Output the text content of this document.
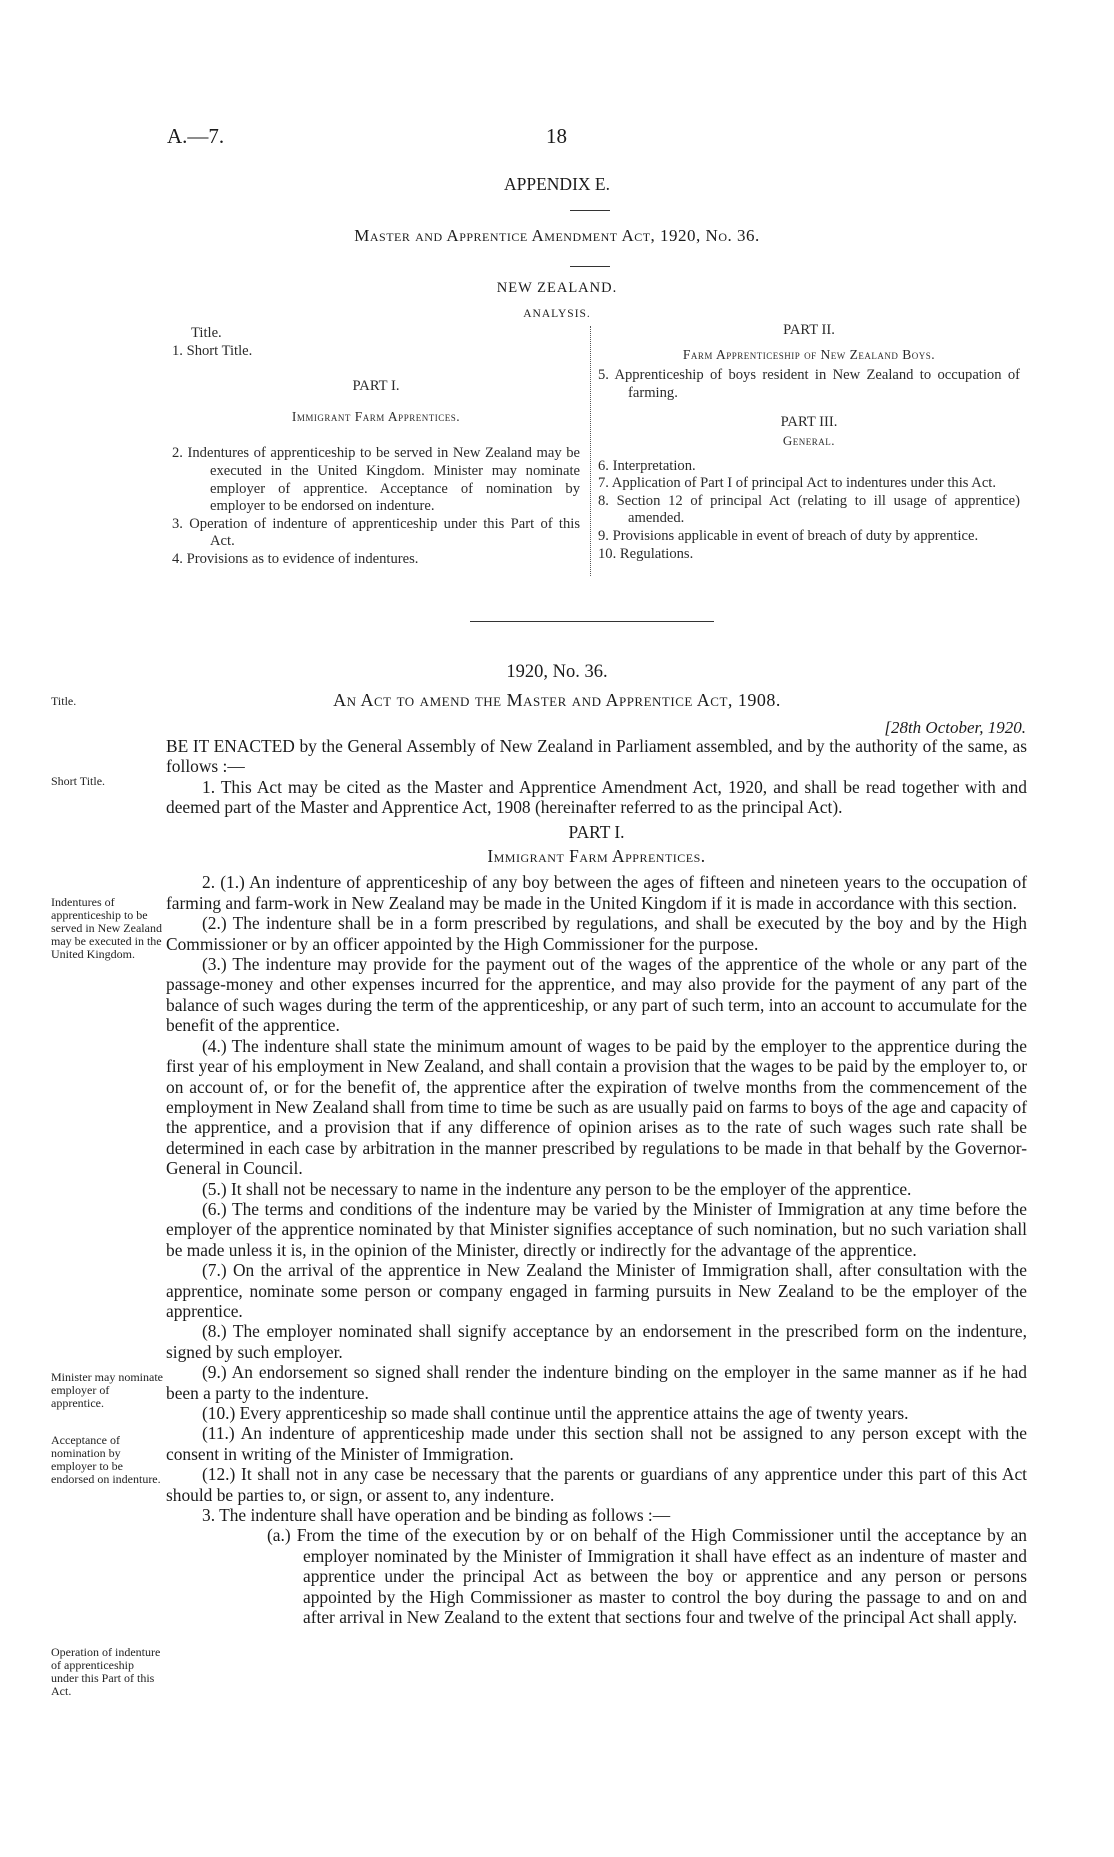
A.—7.	18
APPENDIX E.
Master and Apprentice Amendment Act, 1920, No. 36.
NEW ZEALAND.
ANALYSIS.

Title.

1. Short Title.

PART I.

Immigrant Farm Apprentices.

2. Indentures of apprenticeship to be served in New Zealand may be executed in the United Kingdom. Minister may nominate employer of apprentice. Acceptance of nomination by employer to be endorsed on indenture.

3. Operation of indenture of apprenticeship under this Part of this Act.

4. Provisions as to evidence of indentures.

PART II.

Farm Apprenticeship of New Zealand Boys.

5. Apprenticeship of boys resident in New Zealand to occupation of farming.

PART III.

General.

6. Interpretation.

7. Application of Part I of principal Act to indentures under this Act.

8. Section 12 of principal Act (relating to ill usage of apprentice) amended.

9. Provisions applicable in event of breach of duty by apprentice.

10. Regulations.

Title.
Short Title.
Indentures of apprenticeship to be served in New Zealand may be executed in the United Kingdom.
Minister may nominate employer of apprentice.
Acceptance of nomination by employer to be endorsed on indenture.
Operation of indenture of apprenticeship under this Part of this Act.
1920, No. 36.
An Act to amend the Master and Apprentice Act, 1908.
[28th October, 1920.

BE IT ENACTED by the General Assembly of New Zealand in Parliament assembled, and by the authority of the same, as follows :—

1. This Act may be cited as the Master and Apprentice Amendment Act, 1920, and shall be read together with and deemed part of the Master and Apprentice Act, 1908 (hereinafter referred to as the principal Act).

PART I.

Immigrant Farm Apprentices.

2. (1.) An indenture of apprenticeship of any boy between the ages of fifteen and nineteen years to the occupation of farming and farm-work in New Zealand may be made in the United Kingdom if it is made in accordance with this section.

(2.) The indenture shall be in a form prescribed by regulations, and shall be executed by the boy and by the High Commissioner or by an officer appointed by the High Commissioner for the purpose.

(3.) The indenture may provide for the payment out of the wages of the apprentice of the whole or any part of the passage-money and other expenses incurred for the apprentice, and may also provide for the payment of any part of the balance of such wages during the term of the apprenticeship, or any part of such term, into an account to accumulate for the benefit of the apprentice.

(4.) The indenture shall state the minimum amount of wages to be paid by the employer to the apprentice during the first year of his employment in New Zealand, and shall contain a provision that the wages to be paid by the employer to, or on account of, or for the benefit of, the apprentice after the expiration of twelve months from the commencement of the employment in New Zealand shall from time to time be such as are usually paid on farms to boys of the age and capacity of the apprentice, and a provision that if any difference of opinion arises as to the rate of such wages such rate shall be determined in each case by arbitration in the manner prescribed by regulations to be made in that behalf by the Governor-General in Council.

(5.) It shall not be necessary to name in the indenture any person to be the employer of the apprentice.

(6.) The terms and conditions of the indenture may be varied by the Minister of Immigration at any time before the employer of the apprentice nominated by that Minister signifies acceptance of such nomination, but no such variation shall be made unless it is, in the opinion of the Minister, directly or indirectly for the advantage of the apprentice.

(7.) On the arrival of the apprentice in New Zealand the Minister of Immigration shall, after consultation with the apprentice, nominate some person or company engaged in farming pursuits in New Zealand to be the employer of the apprentice.

(8.) The employer nominated shall signify acceptance by an endorsement in the prescribed form on the indenture, signed by such employer.

(9.) An endorsement so signed shall render the indenture binding on the employer in the same manner as if he had been a party to the indenture.

(10.) Every apprenticeship so made shall continue until the apprentice attains the age of twenty years.

(11.) An indenture of apprenticeship made under this section shall not be assigned to any person except with the consent in writing of the Minister of Immigration.

(12.) It shall not in any case be necessary that the parents or guardians of any apprentice under this part of this Act should be parties to, or sign, or assent to, any indenture.

3. The indenture shall have operation and be binding as follows :—

(a.) From the time of the execution by or on behalf of the High Commissioner until the acceptance by an employer nominated by the Minister of Immigration it shall have effect as an indenture of master and apprentice under the principal Act as between the boy or apprentice and any person or persons appointed by the High Commissioner as master to control the boy during the passage to and on and after arrival in New Zealand to the extent that sections four and twelve of the principal Act shall apply.
